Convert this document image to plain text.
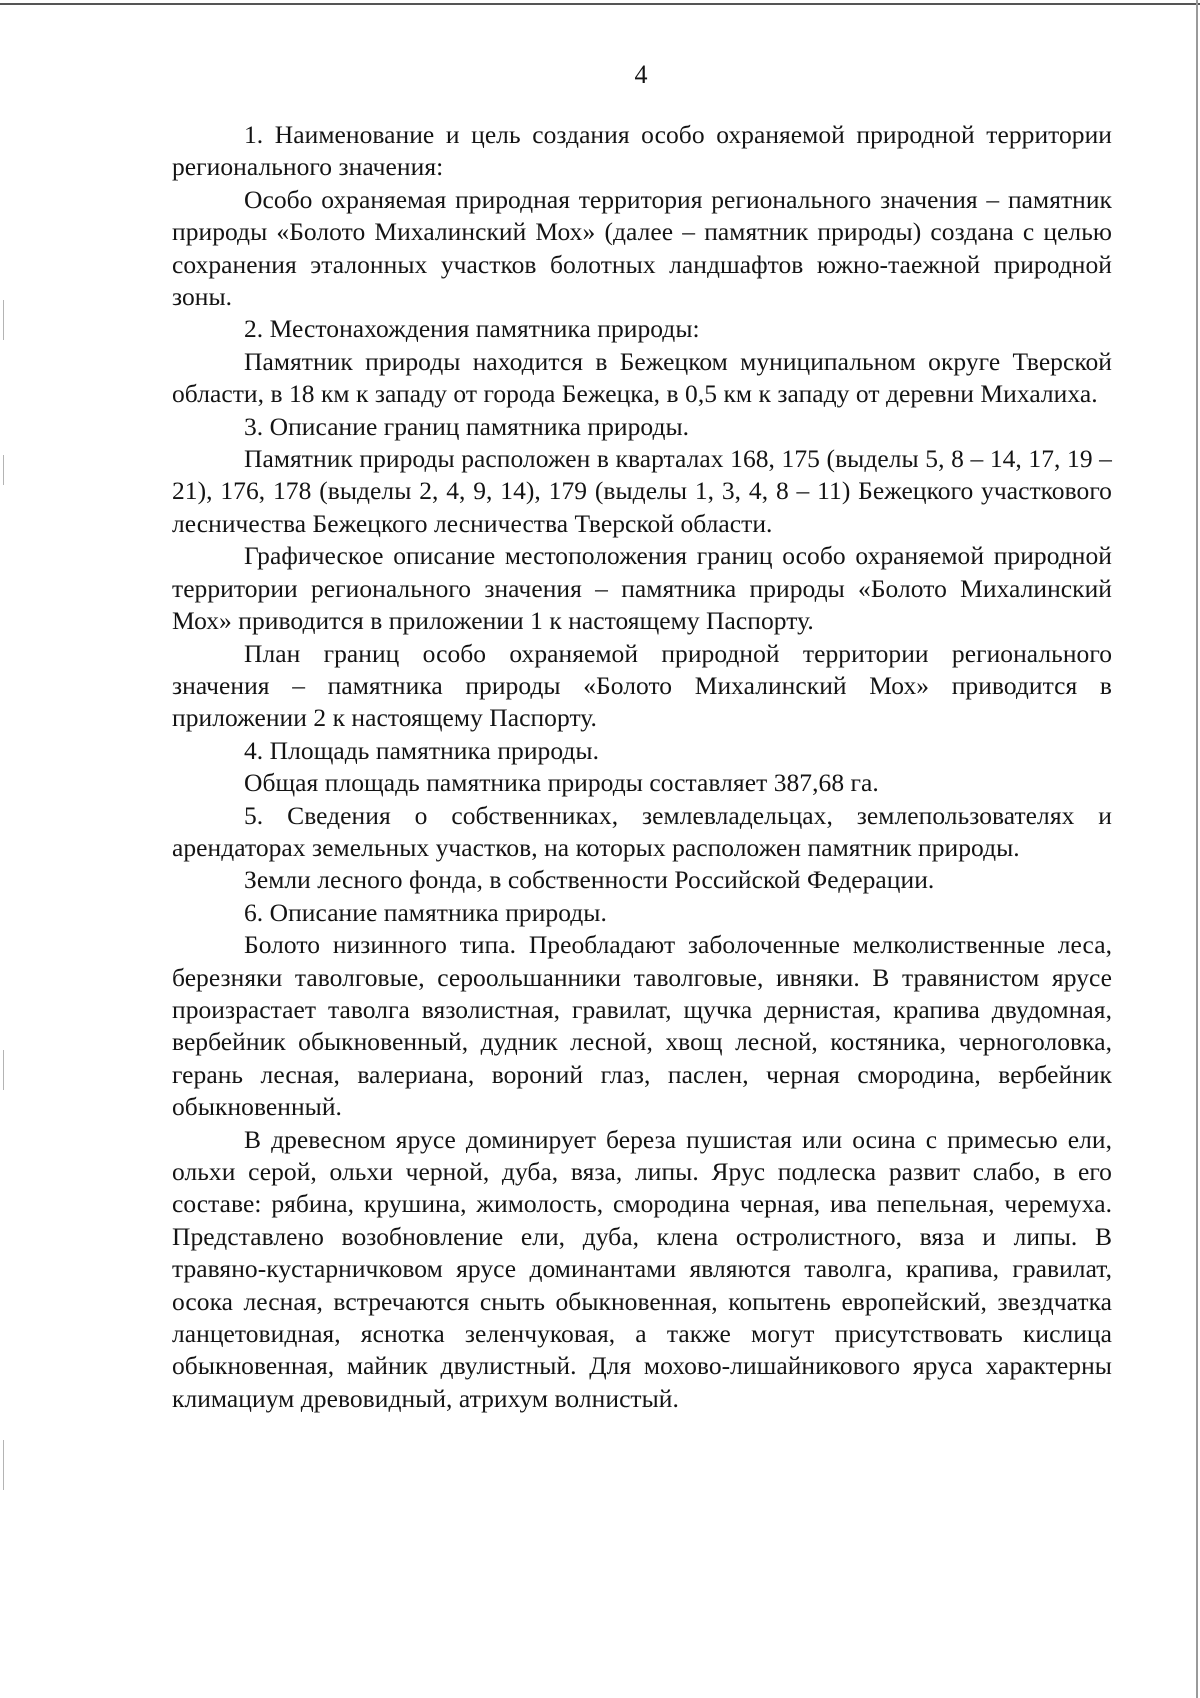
4

1. Наименование и цель создания особо охраняемой природной территории регионального значения:

Особо охраняемая природная территория регионального значения – памятник природы «Болото Михалинский Мох» (далее – памятник природы) создана с целью сохранения эталонных участков болотных ландшафтов южно-таежной природной зоны.

2. Местонахождения памятника природы:

Памятник природы находится в Бежецком муниципальном округе Тверской области, в 18 км к западу от города Бежецка, в 0,5 км к западу от деревни Михалиха.

3. Описание границ памятника природы.

Памятник природы расположен в кварталах 168, 175 (выделы 5, 8 – 14, 17, 19 – 21), 176, 178 (выделы 2, 4, 9, 14), 179 (выделы 1, 3, 4, 8 – 11) Бежецкого участкового лесничества Бежецкого лесничества Тверской области.

Графическое описание местоположения границ особо охраняемой природной территории регионального значения – памятника природы «Болото Михалинский Мох» приводится в приложении 1 к настоящему Паспорту.

План границ особо охраняемой природной территории регионального значения – памятника природы «Болото Михалинский Мох» приводится в приложении 2 к настоящему Паспорту.

4. Площадь памятника природы.

Общая площадь памятника природы составляет 387,68 га.

5. Сведения о собственниках, землевладельцах, землепользователях и арендаторах земельных участков, на которых расположен памятник природы.

Земли лесного фонда, в собственности Российской Федерации.

6. Описание памятника природы.

Болото низинного типа. Преобладают заболоченные мелколиственные леса, березняки таволговые, сероольшанники таволговые, ивняки. В травянистом ярусе произрастает таволга вязолистная, гравилат, щучка дернистая, крапива двудомная, вербейник обыкновенный, дудник лесной, хвощ лесной, костяника, черноголовка, герань лесная, валериана, вороний глаз, паслен, черная смородина, вербейник обыкновенный.

В древесном ярусе доминирует береза пушистая или осина с примесью ели, ольхи серой, ольхи черной, дуба, вяза, липы. Ярус подлеска развит слабо, в его составе: рябина, крушина, жимолость, смородина черная, ива пепельная, черемуха. Представлено возобновление ели, дуба, клена остролистного, вяза и липы. В травяно-кустарничковом ярусе доминантами являются таволга, крапива, гравилат, осока лесная, встречаются сныть обыкновенная, копытень европейский, звездчатка ланцетовидная, яснотка зеленчуковая, а также могут присутствовать кислица обыкновенная, майник двулистный. Для мохово-лишайникового яруса характерны климациум древовидный, атрихум волнистый.
